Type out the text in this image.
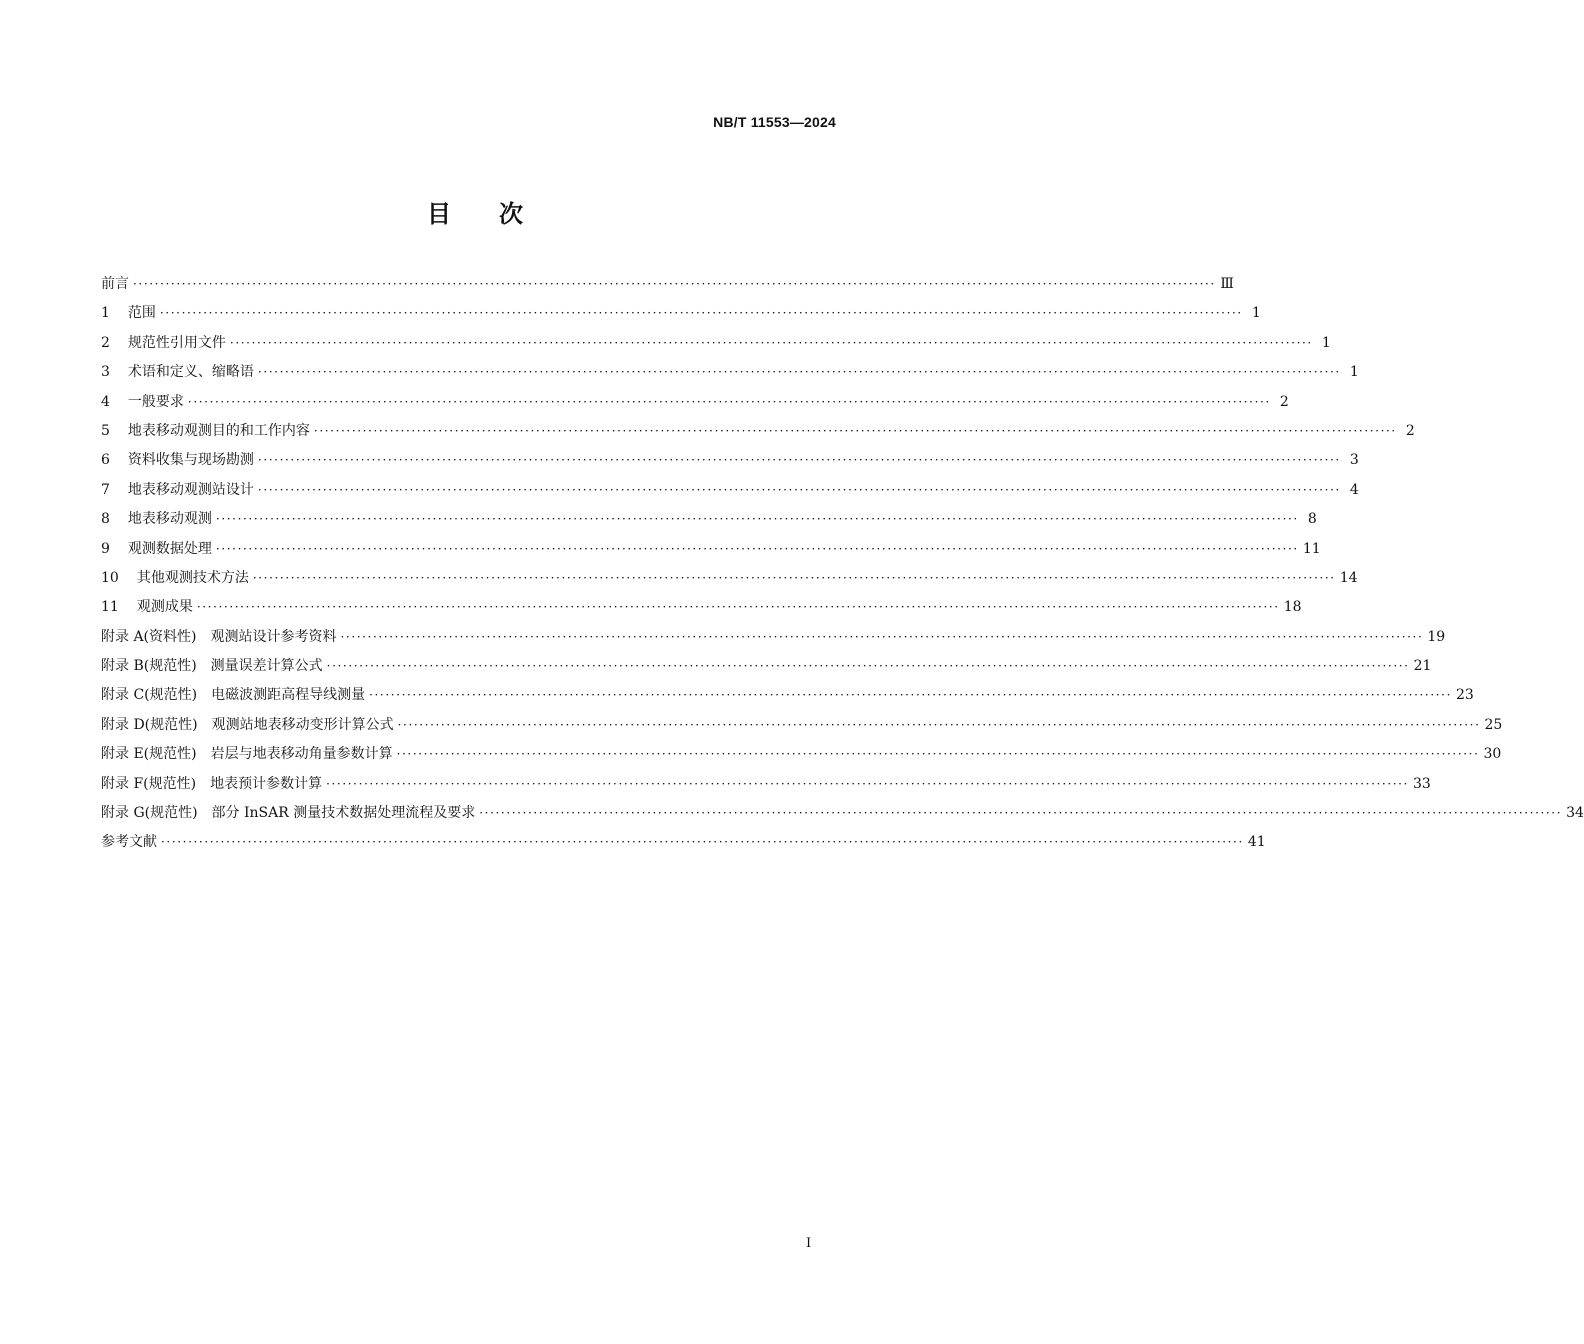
NB/T 11553—2024
目 次
前言 ········································································································································································································ Ⅲ
1 范围 ········································································································································································································ 1
2 规范性引用文件 ········································································································································································································ 1
3 术语和定义、缩略语 ········································································································································································································ 1
4 一般要求 ········································································································································································································ 2
5 地表移动观测目的和工作内容 ········································································································································································································ 2
6 资料收集与现场勘测 ········································································································································································································ 3
7 地表移动观测站设计 ········································································································································································································ 4
8 地表移动观测 ········································································································································································································ 8
9 观测数据处理 ········································································································································································································ 11
10 其他观测技术方法 ········································································································································································································ 14
11 观测成果 ········································································································································································································ 18
附录 A(资料性)　观测站设计参考资料 ········································································································································································································ 19
附录 B(规范性)　测量误差计算公式 ········································································································································································································ 21
附录 C(规范性)　电磁波测距高程导线测量 ········································································································································································································ 23
附录 D(规范性)　观测站地表移动变形计算公式 ········································································································································································································ 25
附录 E(规范性)　岩层与地表移动角量参数计算 ········································································································································································································ 30
附录 F(规范性)　地表预计参数计算 ········································································································································································································ 33
附录 G(规范性)　部分 InSAR 测量技术数据处理流程及要求 ········································································································································································································ 34
参考文献 ········································································································································································································ 41
I
